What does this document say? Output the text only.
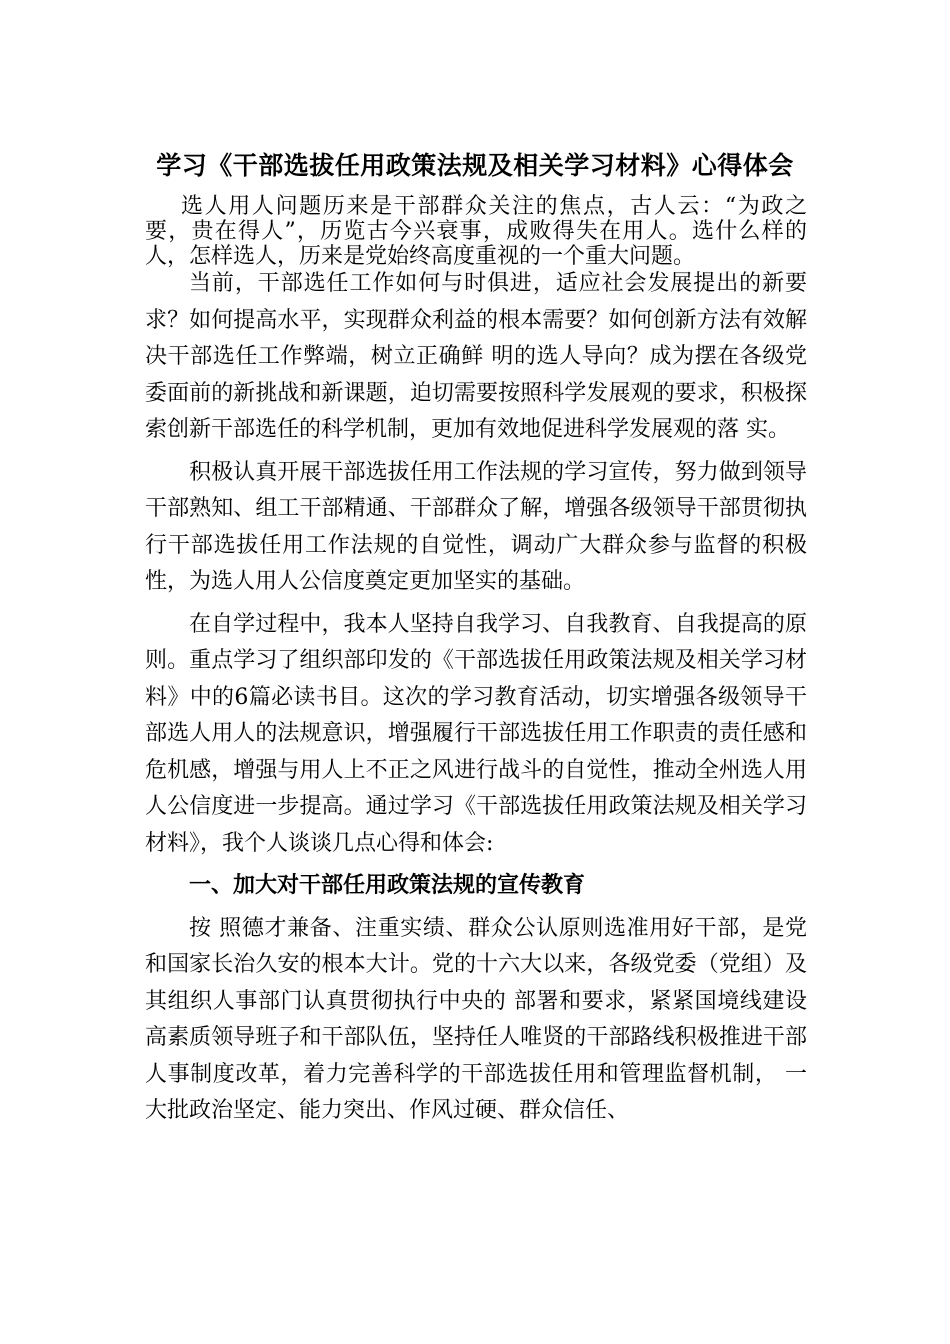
学习《干部选拔任用政策法规及相关学习材料》心得体会

选人用人问题历来是干部群众关注的焦点，古人云：“为政之要，贵在得人”，历览古今兴衰事，成败得失在用人。选什么样的人，怎样选人，历来是党始终高度重视的一个重大问题。

当前，干部选任工作如何与时俱进，适应社会发展提出的新要求？如何提高水平，实现群众利益的根本需要？如何创新方法有效解决干部选任工作弊端，树立正确鲜 明的选人导向？成为摆在各级党委面前的新挑战和新课题，迫切需要按照科学发展观的要求，积极探索创新干部选任的科学机制，更加有效地促进科学发展观的落 实。

积极认真开展干部选拔任用工作法规的学习宣传，努力做到领导干部熟知、组工干部精通、干部群众了解，增强各级领导干部贯彻执行干部选拔任用工作法规的自觉性，调动广大群众参与监督的积极性，为选人用人公信度奠定更加坚实的基础。

在自学过程中，我本人坚持自我学习、自我教育、自我提高的原则。重点学习了组织部印发的《干部选拔任用政策法规及相关学习材料》中的6篇必读书目。这次的学习教育活动，切实增强各级领导干部选人用人的法规意识，增强履行干部选拔任用工作职责的责任感和危机感，增强与用人上不正之风进行战斗的自觉性，推动全州选人用人公信度进一步提高。通过学习《干部选拔任用政策法规及相关学习材料》，我个人谈谈几点心得和体会:

一、加大对干部任用政策法规的宣传教育

按 照德才兼备、注重实绩、群众公认原则选准用好干部，是党和国家长治久安的根本大计。党的十六大以来，各级党委（党组）及其组织人事部门认真贯彻执行中央的 部署和要求，紧紧国境线建设高素质领导班子和干部队伍，坚持任人唯贤的干部路线积极推进干部人事制度改革，着力完善科学的干部选拔任用和管理监督机制， 一大批政治坚定、能力突出、作风过硬、群众信任、
